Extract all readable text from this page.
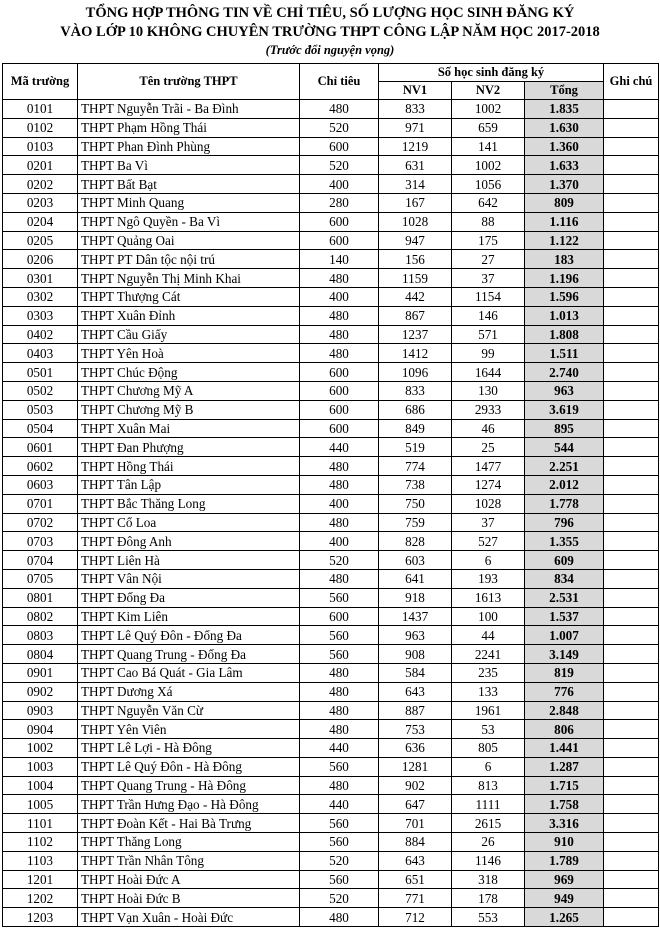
TỔNG HỢP THÔNG TIN VỀ CHỈ TIÊU, SỐ LƯỢNG HỌC SINH ĐĂNG KÝ
VÀO LỚP 10 KHÔNG CHUYÊN TRƯỜNG THPT CÔNG LẬP NĂM HỌC 2017-2018
(Trước đổi nguyện vọng)
Mã trường	Tên trường THPT	Chỉ tiêu	Số học sinh đăng ký			Ghi chú
			NV1	NV2	Tổng	
0101	THPT Nguyễn Trãi - Ba Đình	480	833	1002	1.835	
0102	THPT Phạm Hồng Thái	520	971	659	1.630	
0103	THPT Phan Đình Phùng	600	1219	141	1.360	
0201	THPT Ba Vì	520	631	1002	1.633	
0202	THPT Bất Bạt	400	314	1056	1.370	
0203	THPT Minh Quang	280	167	642	809	
0204	THPT Ngô Quyền - Ba Vì	600	1028	88	1.116	
0205	THPT Quảng Oai	600	947	175	1.122	
0206	THPT PT Dân tộc nội trú	140	156	27	183	
0301	THPT Nguyễn Thị Minh Khai	480	1159	37	1.196	
0302	THPT Thượng Cát	400	442	1154	1.596	
0303	THPT Xuân Đỉnh	480	867	146	1.013	
0402	THPT Cầu Giấy	480	1237	571	1.808	
0403	THPT Yên Hoà	480	1412	99	1.511	
0501	THPT Chúc Động	600	1096	1644	2.740	
0502	THPT Chương Mỹ A	600	833	130	963	
0503	THPT Chương Mỹ B	600	686	2933	3.619	
0504	THPT Xuân Mai	600	849	46	895	
0601	THPT Đan Phượng	440	519	25	544	
0602	THPT Hồng Thái	480	774	1477	2.251	
0603	THPT Tân Lập	480	738	1274	2.012	
0701	THPT Bắc Thăng Long	400	750	1028	1.778	
0702	THPT Cổ Loa	480	759	37	796	
0703	THPT Đông Anh	400	828	527	1.355	
0704	THPT Liên Hà	520	603	6	609	
0705	THPT Vân Nội	480	641	193	834	
0801	THPT Đống Đa	560	918	1613	2.531	
0802	THPT Kim Liên	600	1437	100	1.537	
0803	THPT Lê Quý Đôn - Đống Đa	560	963	44	1.007	
0804	THPT Quang Trung - Đống Đa	560	908	2241	3.149	
0901	THPT Cao Bá Quát - Gia Lâm	480	584	235	819	
0902	THPT Dương Xá	480	643	133	776	
0903	THPT Nguyễn Văn Cừ	480	887	1961	2.848	
0904	THPT Yên Viên	480	753	53	806	
1002	THPT Lê Lợi - Hà Đông	440	636	805	1.441	
1003	THPT Lê Quý Đôn - Hà Đông	560	1281	6	1.287	
1004	THPT Quang Trung - Hà Đông	480	902	813	1.715	
1005	THPT Trần Hưng Đạo - Hà Đông	440	647	1111	1.758	
1101	THPT Đoàn Kết - Hai Bà Trưng	560	701	2615	3.316	
1102	THPT Thăng Long	560	884	26	910	
1103	THPT Trần Nhân Tông	520	643	1146	1.789	
1201	THPT Hoài Đức A	560	651	318	969	
1202	THPT Hoài Đức B	520	771	178	949	
1203	THPT Vạn Xuân - Hoài Đức	480	712	553	1.265	
